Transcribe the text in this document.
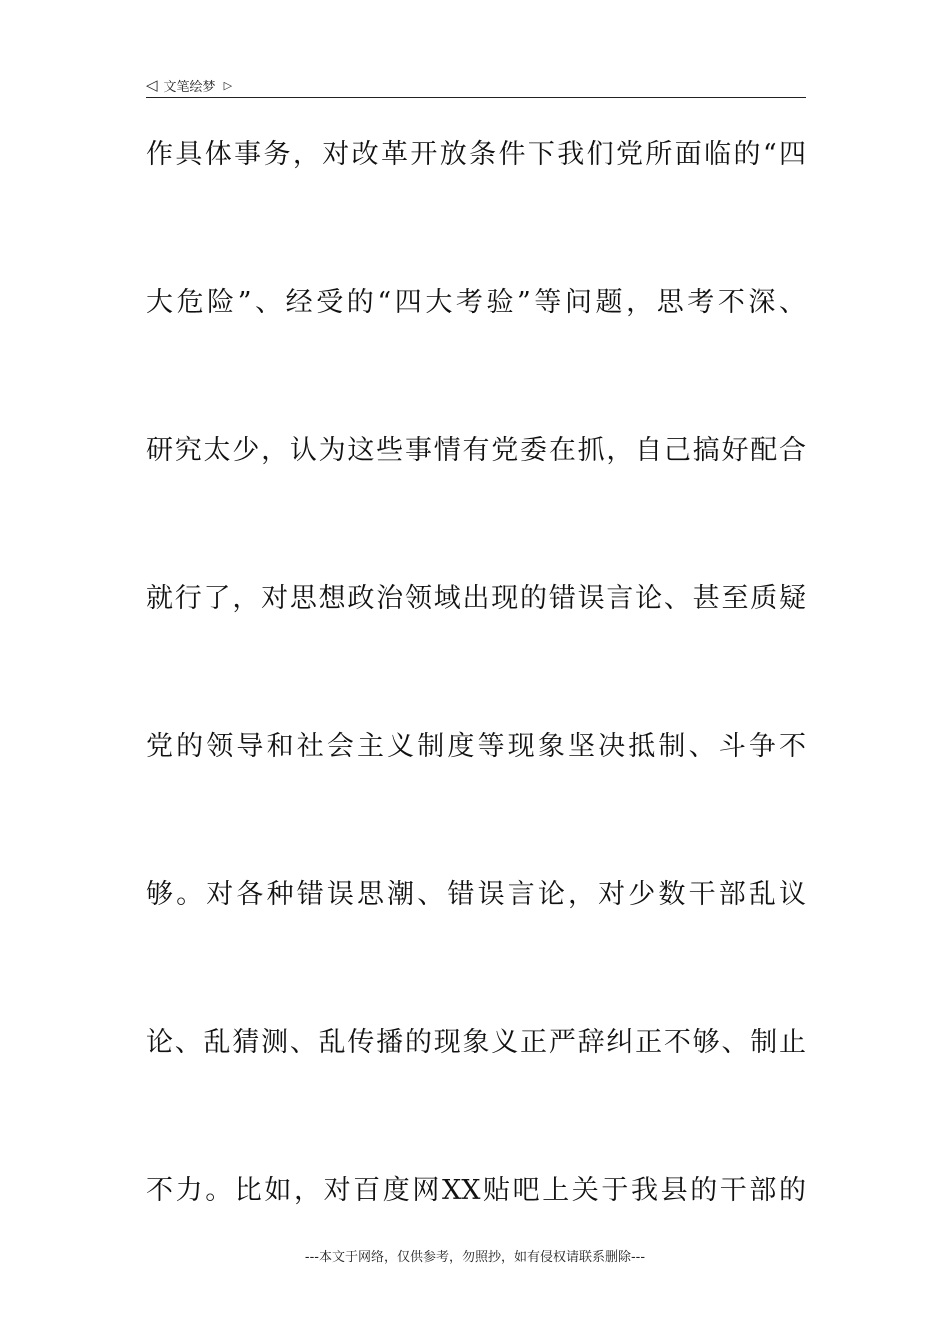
◁ 文笔绘梦 ▷
作具体事务，对改革开放条件下我们党所面临的“四
大危险”、经受的“四大考验”等问题，思考不深、
研究太少，认为这些事情有党委在抓，自己搞好配合
就行了，对思想政治领域出现的错误言论、甚至质疑
党的领导和社会主义制度等现象坚决抵制、斗争不
够。对各种错误思潮、错误言论，对少数干部乱议
论、乱猜测、乱传播的现象义正严辞纠正不够、制止
不力。比如，对百度网XX贴吧上关于我县的干部的
---本文于网络，仅供参考，勿照抄，如有侵权请联系删除---
